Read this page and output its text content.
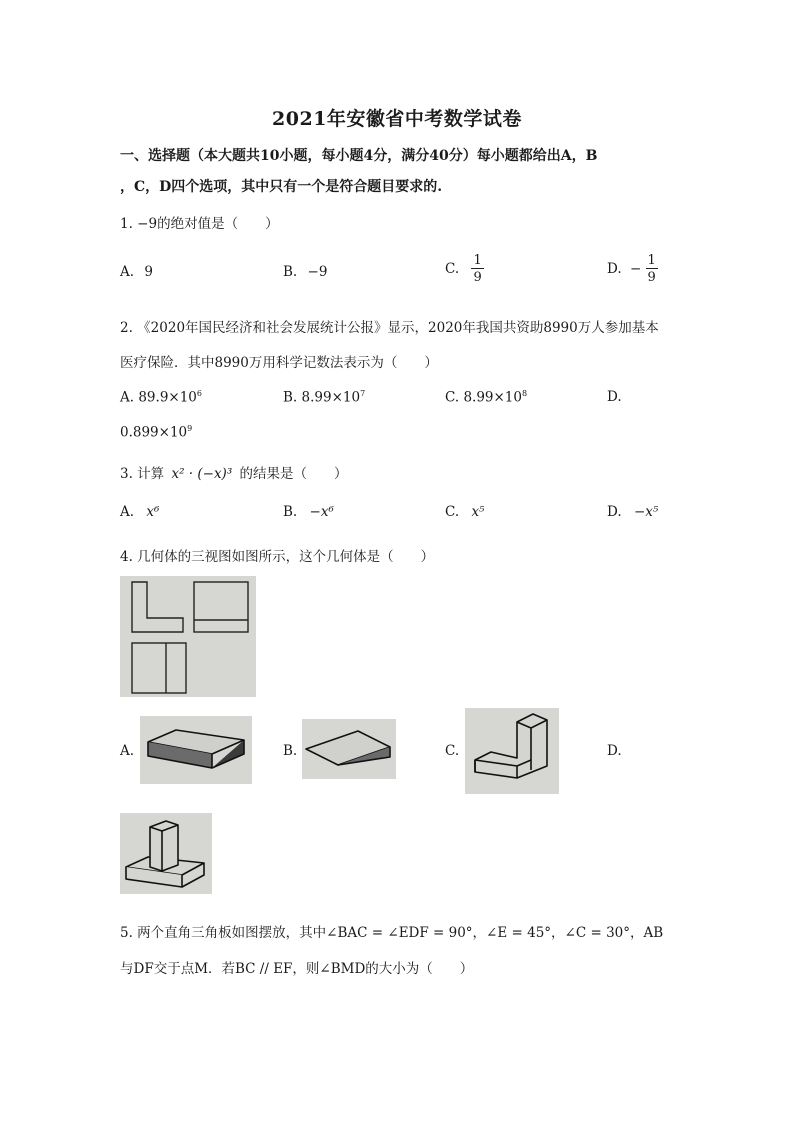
2021年安徽省中考数学试卷
一、选择题（本大题共10小题，每小题4分，满分40分）每小题都给出A，B
，C，D四个选项，其中只有一个是符合题目要求的.
1. −9的绝对值是（　　）
A. 9	B. −9	C. $\frac{1}{9}$	D. − $\frac{1}{9}$
2. 《2020年国民经济和社会发展统计公报》显示，2020年我国共资助8990万人参加基本
医疗保险．其中8990万用科学记数法表示为（　　）
A. $89.9\times 10^6$	B. $8.99\times 10^7$	C. $8.99\times 10^8$	D.
$0.899\times 10^9$
3. 计算 x² · (−x)³ 的结果是（　　）
A. x⁶	B. −x⁶	C. x⁵	D. −x⁵
4. 几何体的三视图如图所示，这个几何体是（　　）
A.	B.	C.	D.
5. 两个直角三角板如图摆放，其中∠BAC = ∠EDF = 90°，∠E = 45°，∠C = 30°，AB
与DF交于点M．若BC // EF，则∠BMD的大小为（　　）
